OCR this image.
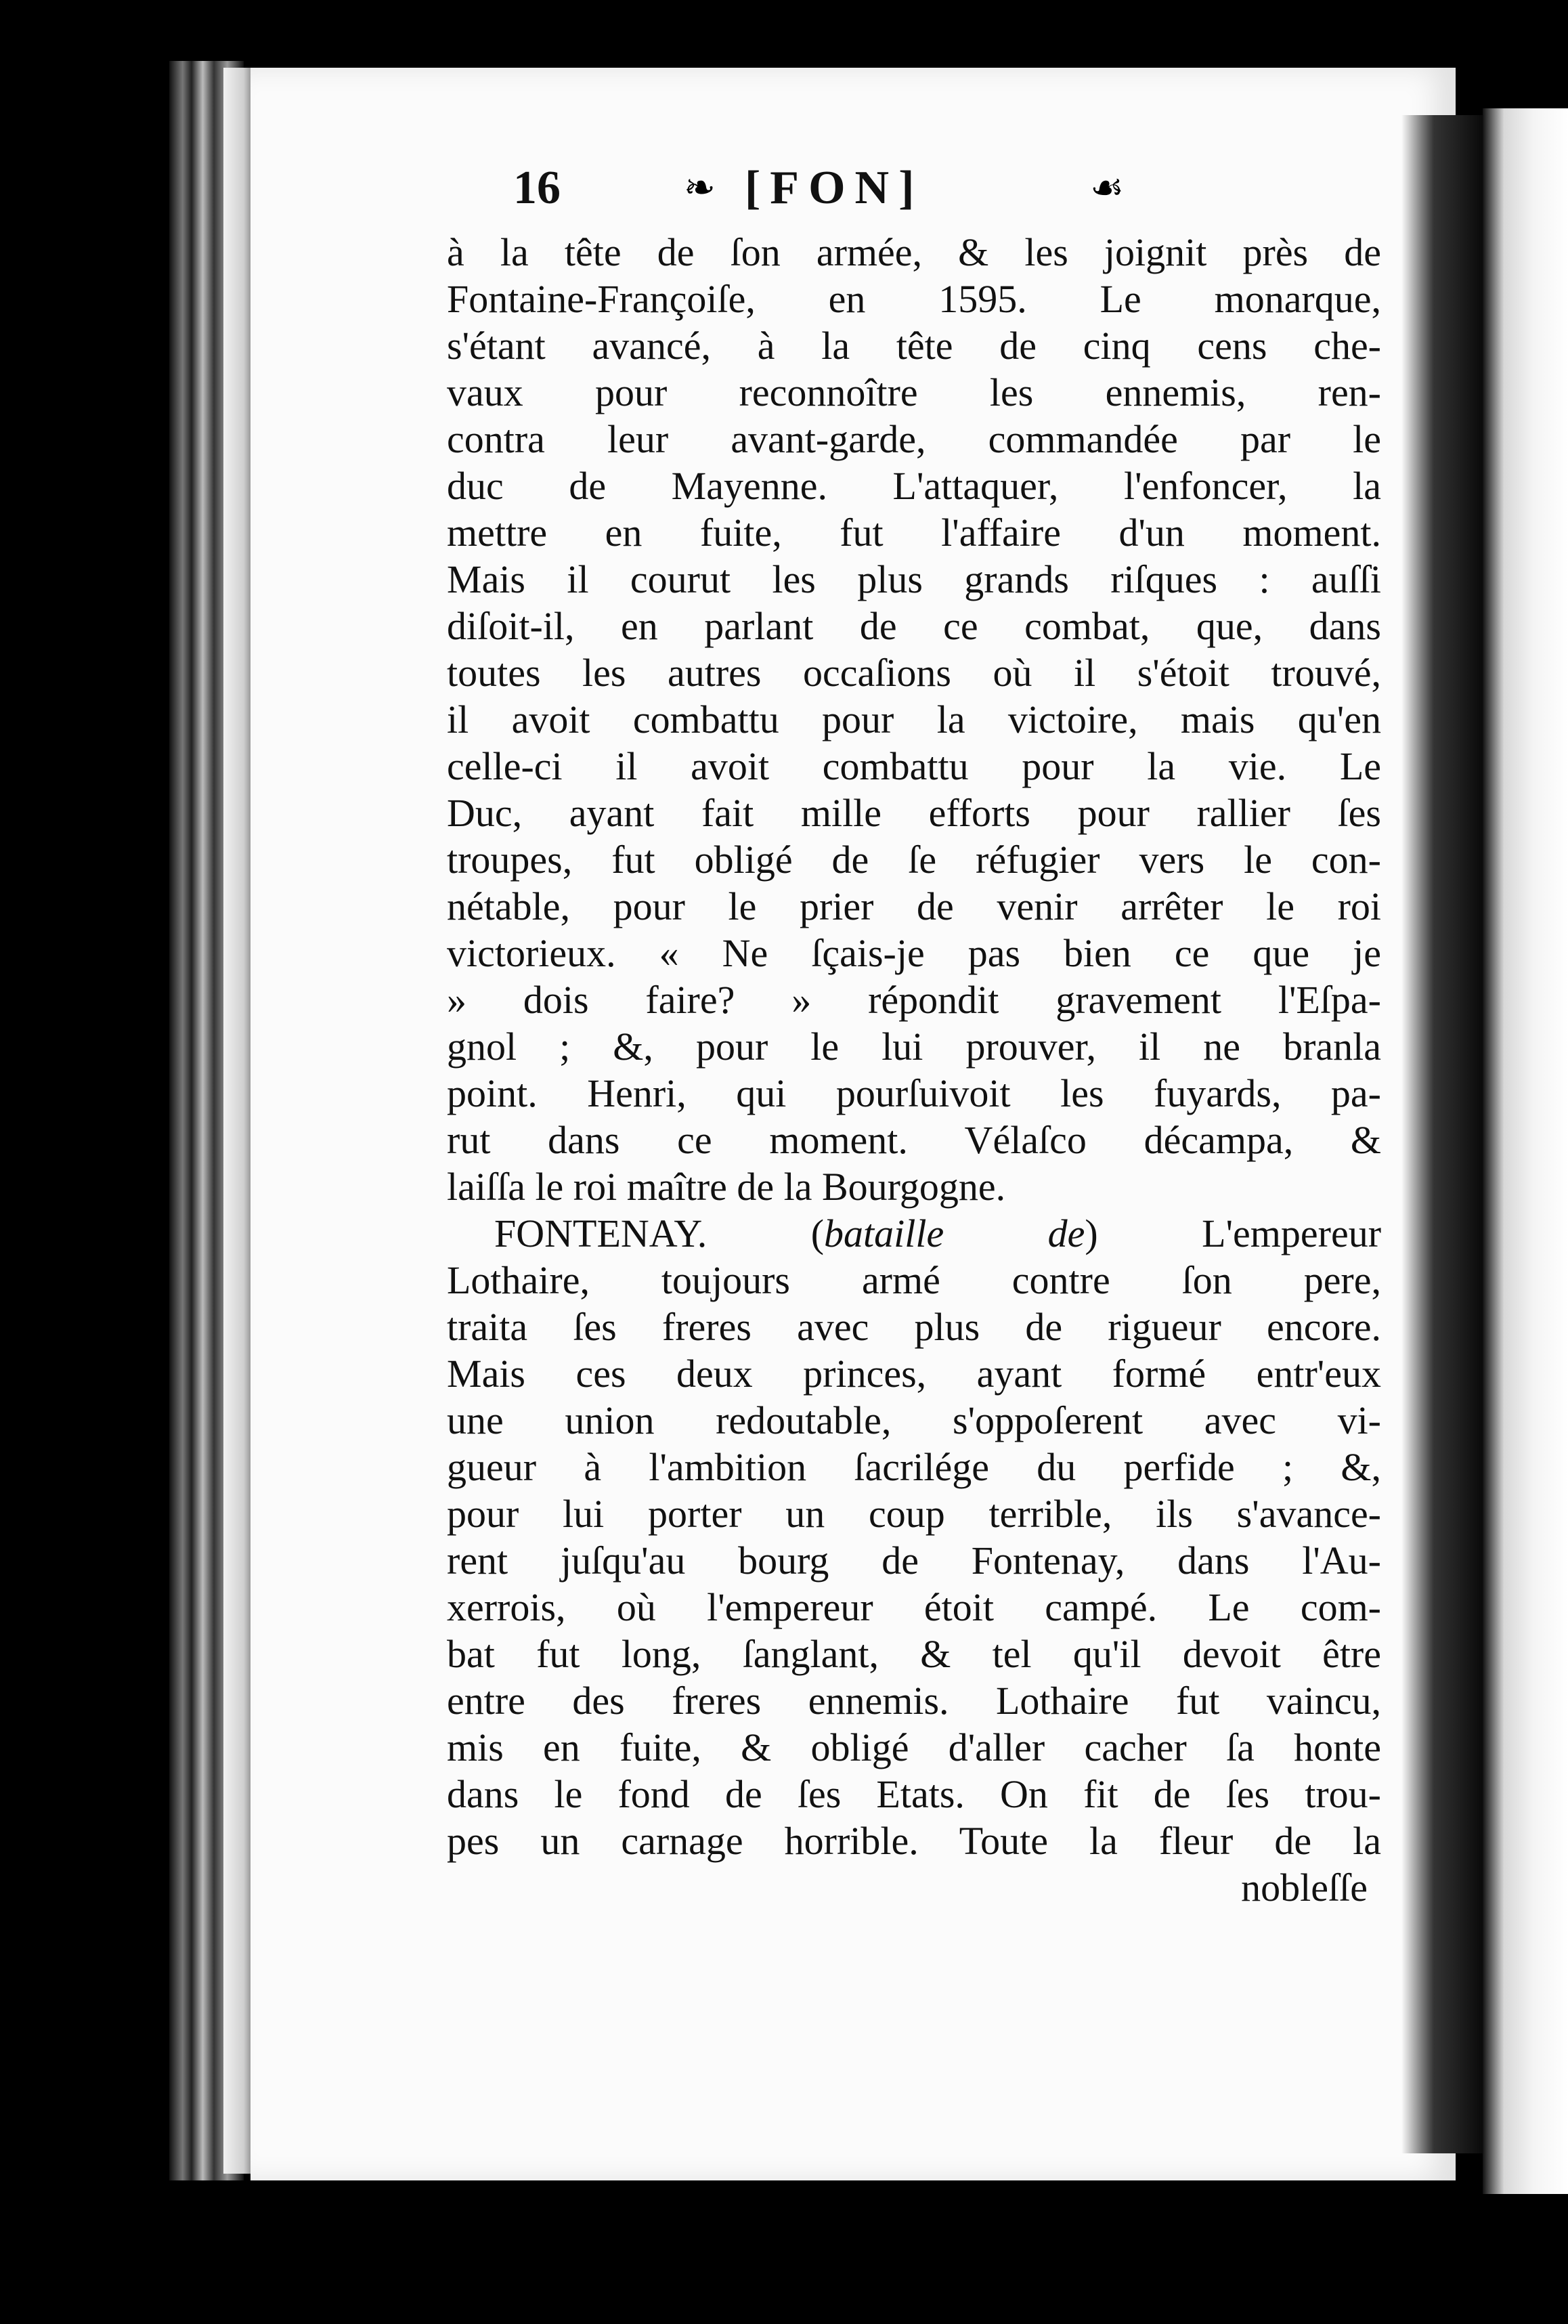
16	❧ [FON]	☙
à la tête de ſon armée, & les joignit près de
Fontaine-Françoiſe, en 1595. Le monarque,
s'étant avancé, à la tête de cinq cens che-
vaux pour reconnoître les ennemis, ren-
contra leur avant-garde, commandée par le
duc de Mayenne. L'attaquer, l'enfoncer, la
mettre en fuite, fut l'affaire d'un moment.
Mais il courut les plus grands riſques : auſſi
diſoit-il, en parlant de ce combat, que, dans
toutes les autres occaſions où il s'étoit trouvé,
il avoit combattu pour la victoire, mais qu'en
celle-ci il avoit combattu pour la vie. Le
Duc, ayant fait mille efforts pour rallier ſes
troupes, fut obligé de ſe réfugier vers le con-
nétable, pour le prier de venir arrêter le roi
victorieux. « Ne ſçais-je pas bien ce que je
» dois faire? » répondit gravement l'Eſpa-
gnol ; &, pour le lui prouver, il ne branla
point. Henri, qui pourſuivoit les fuyards, pa-
rut dans ce moment. Vélaſco décampa, &
laiſſa le roi maître de la Bourgogne.
FONTENAY.	(bataille de)	L'empereur
Lothaire, toujours armé contre ſon pere,
traita ſes freres avec plus de rigueur encore.
Mais ces deux princes, ayant formé entr'eux
une union redoutable, s'oppoſerent avec vi-
gueur à l'ambition ſacrilége du perfide ; &,
pour lui porter un coup terrible, ils s'avance-
rent juſqu'au bourg de Fontenay, dans l'Au-
xerrois, où l'empereur étoit campé. Le com-
bat fut long, ſanglant, & tel qu'il devoit être
entre des freres ennemis. Lothaire fut vaincu,
mis en fuite, & obligé d'aller cacher ſa honte
dans le fond de ſes Etats. On fit de ſes trou-
pes un carnage horrible. Toute la fleur de la
nobleſſe
